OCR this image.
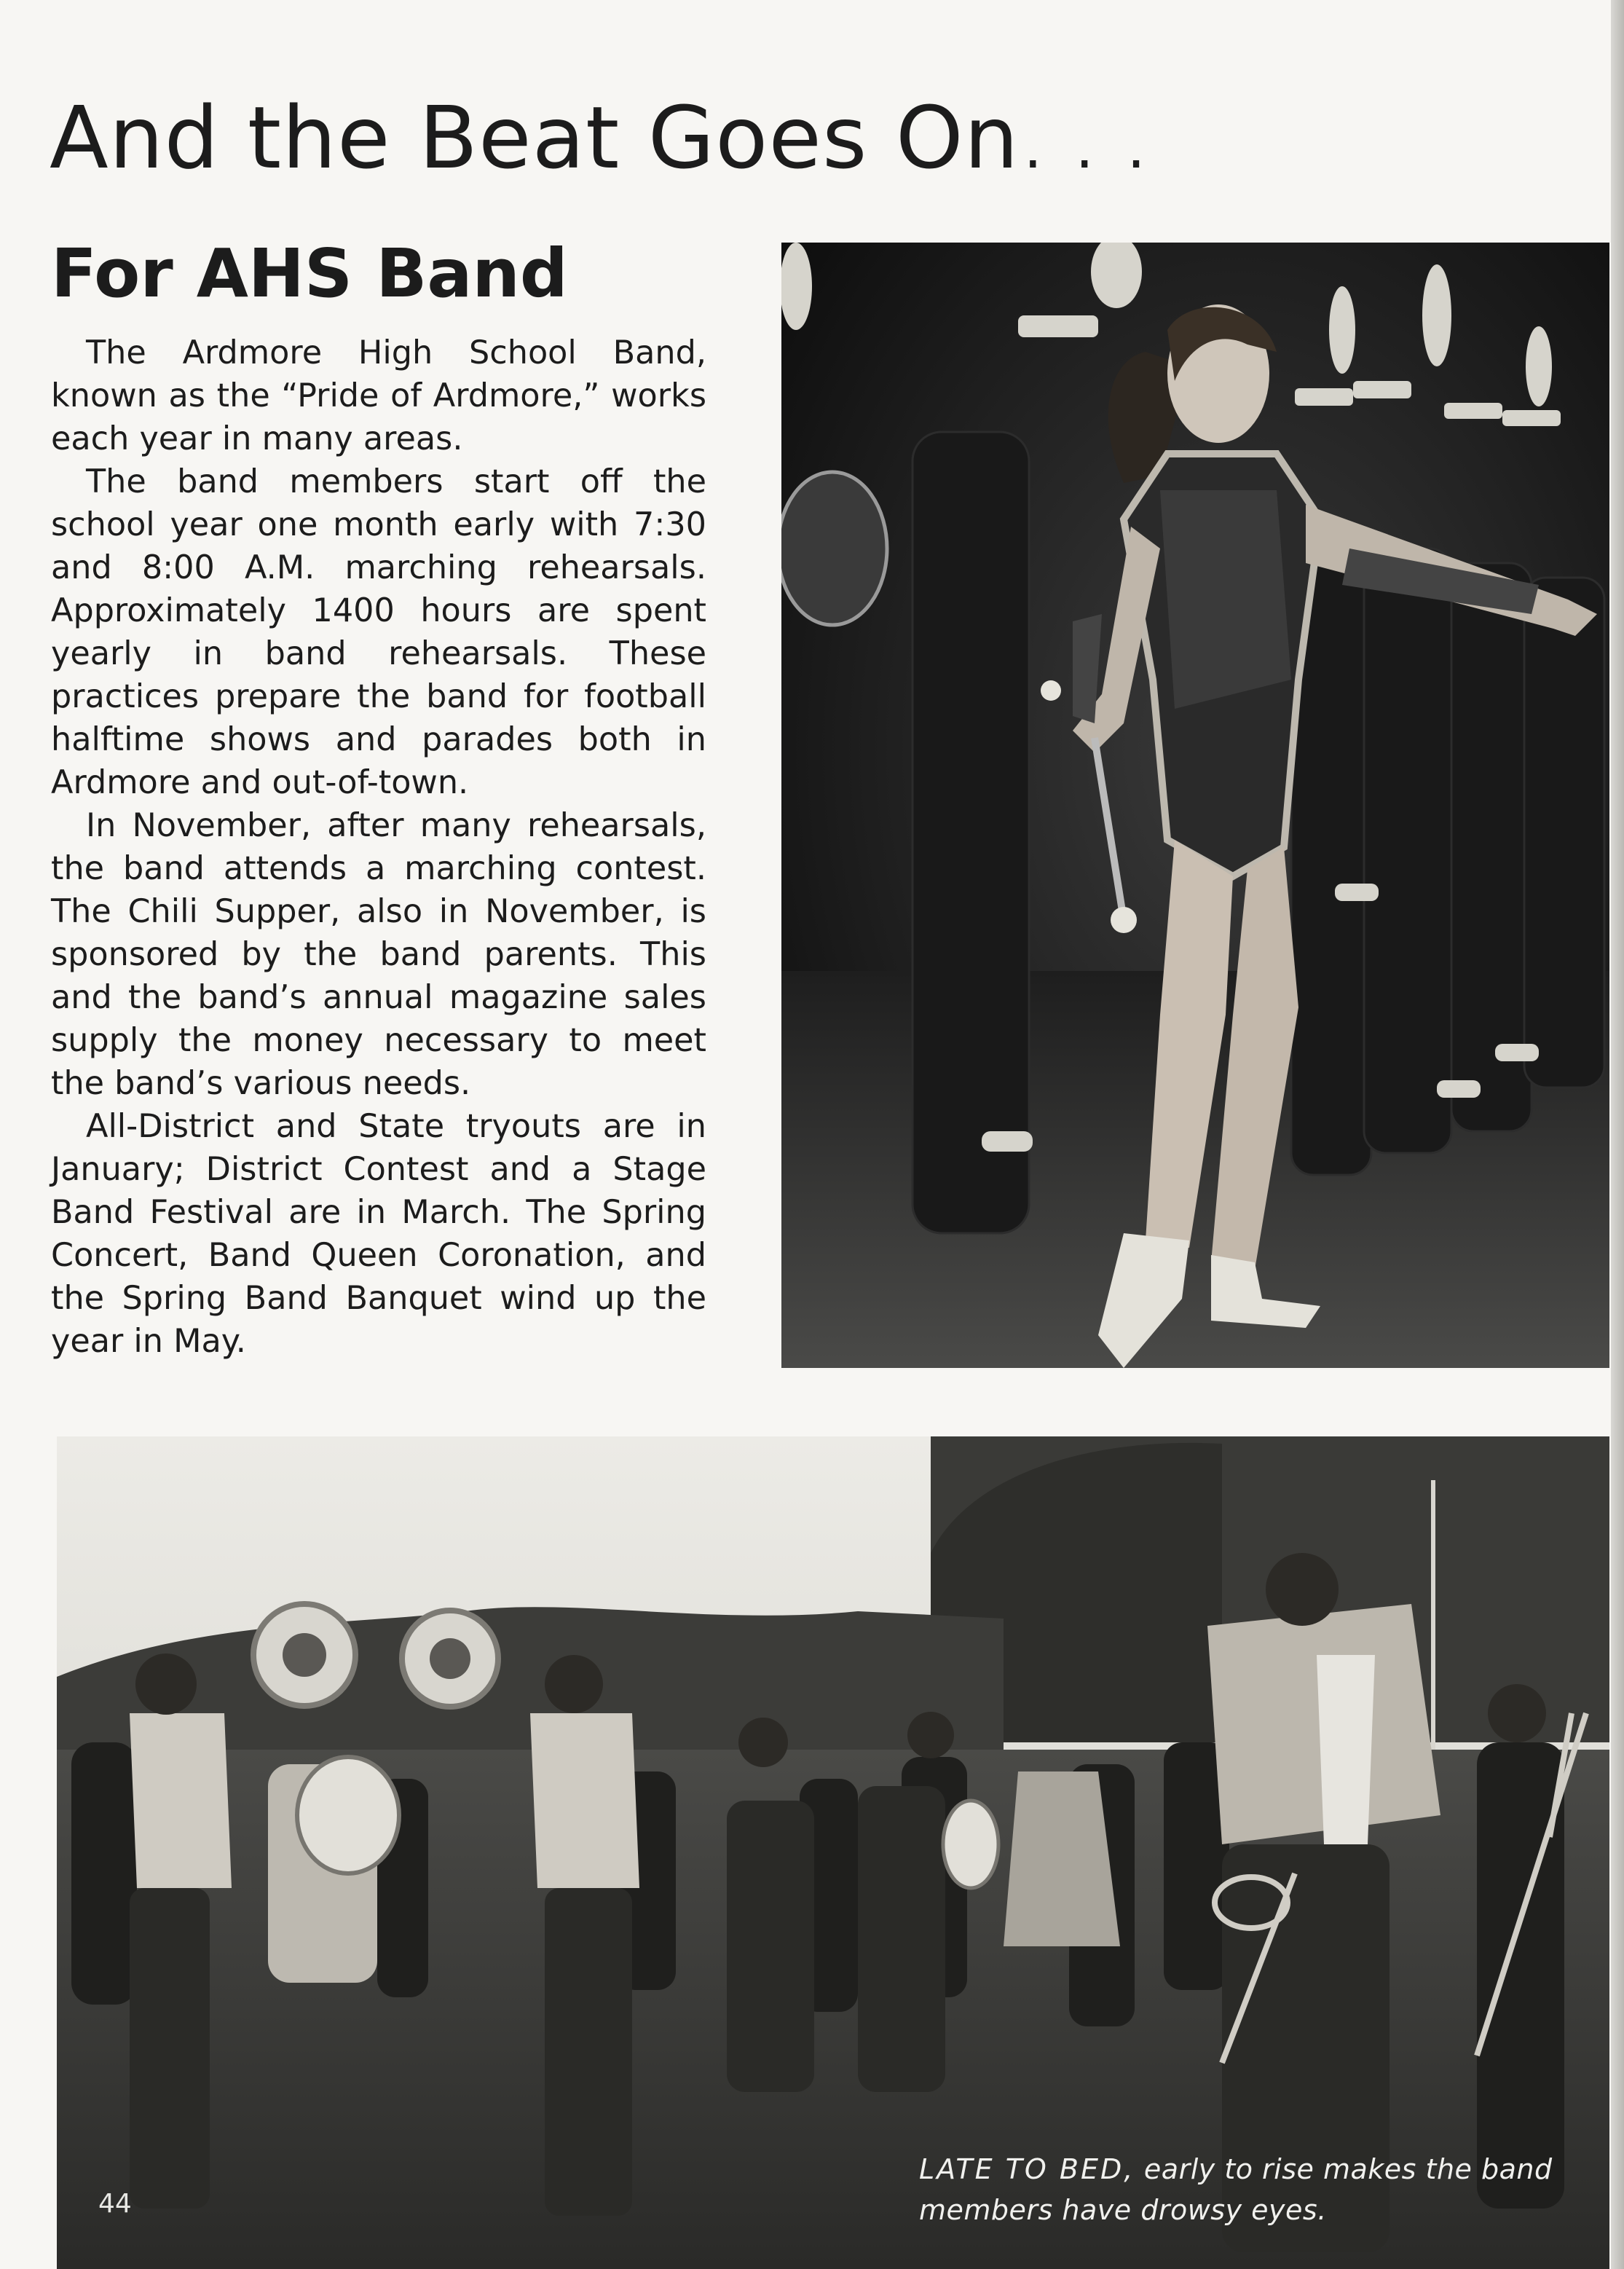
And the Beat Goes On. . .
For AHS Band

The Ardmore High School Band, known as the “Pride of Ardmore,” works each year in many areas.

The band members start off the school year one month early with 7:30 and 8:00 A.M. marching rehearsals. Approximately 1400 hours are spent yearly in band rehearsals. These practices prepare the band for football halftime shows and parades both in Ardmore and out-of-town.

In November, after many rehearsals, the band attends a marching contest. The Chili Supper, also in November, is sponsored by the band parents. This and the band’s annual magazine sales supply the money necessary to meet the band’s various needs.

All-District and State tryouts are in January; District Contest and a Stage Band Festival are in March. The Spring Concert, Band Queen Coronation, and the Spring Band Banquet wind up the year in May.

LATE TO BED, early to rise makes the band members have drowsy eyes.
44
